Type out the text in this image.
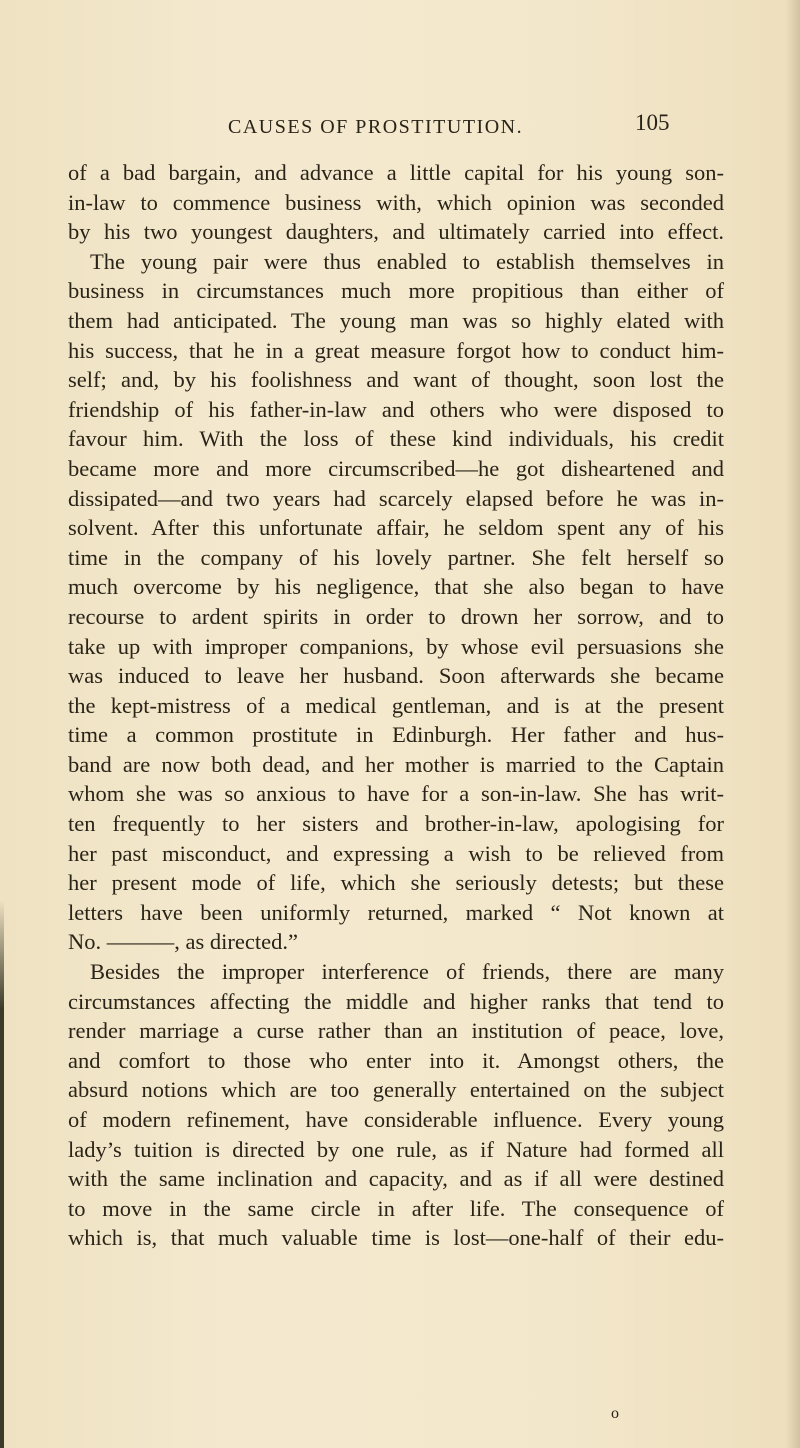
CAUSES OF PROSTITUTION.	105
of a bad bargain, and advance a little capital for his young son-
in-law to commence business with, which opinion was seconded
by his two youngest daughters, and ultimately carried into effect.
The young pair were thus enabled to establish themselves in
business in circumstances much more propitious than either of
them had anticipated. The young man was so highly elated with
his success, that he in a great measure forgot how to conduct him-
self; and, by his foolishness and want of thought, soon lost the
friendship of his father-in-law and others who were disposed to
favour him. With the loss of these kind individuals, his credit
became more and more circumscribed—he got disheartened and
dissipated—and two years had scarcely elapsed before he was in-
solvent. After this unfortunate affair, he seldom spent any of his
time in the company of his lovely partner. She felt herself so
much overcome by his negligence, that she also began to have
recourse to ardent spirits in order to drown her sorrow, and to
take up with improper companions, by whose evil persuasions she
was induced to leave her husband. Soon afterwards she became
the kept-mistress of a medical gentleman, and is at the present
time a common prostitute in Edinburgh. Her father and hus-
band are now both dead, and her mother is married to the Captain
whom she was so anxious to have for a son-in-law. She has writ-
ten frequently to her sisters and brother-in-law, apologising for
her past misconduct, and expressing a wish to be relieved from
her present mode of life, which she seriously detests; but these
letters have been uniformly returned, marked “ Not known at
No. ———, as directed.”
Besides the improper interference of friends, there are many
circumstances affecting the middle and higher ranks that tend to
render marriage a curse rather than an institution of peace, love,
and comfort to those who enter into it. Amongst others, the
absurd notions which are too generally entertained on the subject
of modern refinement, have considerable influence. Every young
lady’s tuition is directed by one rule, as if Nature had formed all
with the same inclination and capacity, and as if all were destined
to move in the same circle in after life. The consequence of
which is, that much valuable time is lost—one-half of their edu-
o
